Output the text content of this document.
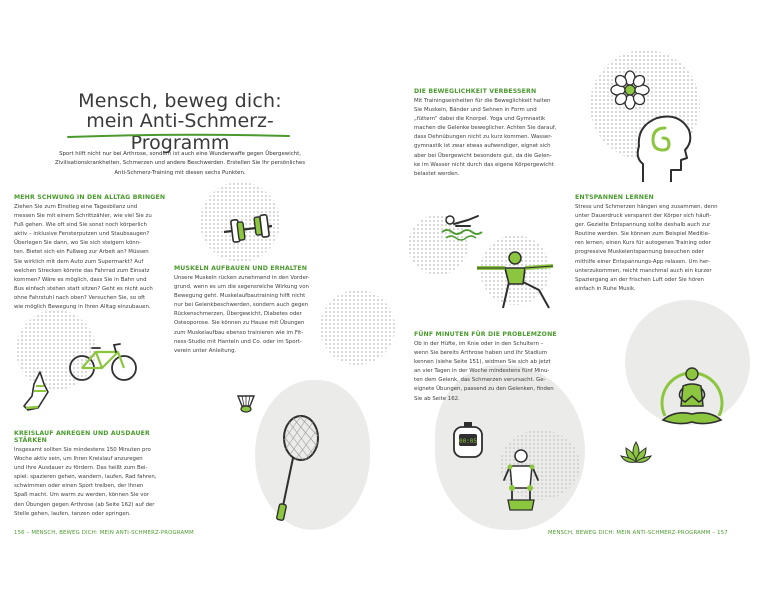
Mensch, beweg dich:
mein Anti-Schmerz-Programm
Sport hilft nicht nur bei Arthrose, sondern ist auch eine Wunderwaffe gegen Übergewicht,
Zivilisationskrankheiten, Schmerzen und andere Beschwerden. Erstellen Sie Ihr persönliches
Anti-Schmerz-Training mit diesen sechs Punkten.
MEHR SCHWUNG IN DEN ALLTAG BRINGEN
Ziehen Sie zum Einstieg eine Tagesbilanz und
messen Sie mit einem Schrittzähler, wie viel Sie zu
Fuß gehen. Wie oft sind Sie sonst noch körperlich
aktiv – inklusive Fensterputzen und Staubsaugen?
Überlegen Sie dann, wo Sie sich steigern könn-
ten. Bietet sich ein Fußweg zur Arbeit an? Müssen
Sie wirklich mit dem Auto zum Supermarkt? Auf
welchen Strecken könnte das Fahrrad zum Einsatz
kommen? Wäre es möglich, dass Sie in Bahn und
Bus einfach stehen statt sitzen? Geht es nicht auch
ohne Fahrstuhl nach oben? Versuchen Sie, so oft
wie möglich Bewegung in Ihren Alltag einzubauen.
MUSKELN AUFBAUEN UND ERHALTEN
Unsere Muskeln rücken zunehmend in den Vorder-
grund, wenn es um die segensreiche Wirkung von
Bewegung geht. Muskelaufbautraining hilft nicht
nur bei Gelenkbeschwerden, sondern auch gegen
Rückenschmerzen, Übergewicht, Diabetes oder
Osteoporose. Sie können zu Hause mit Übungen
zum Muskelaufbau ebenso trainieren wie im Fit-
ness-Studio mit Hanteln und Co. oder im Sport-
verein unter Anleitung.
KREISLAUF ANREGEN UND AUSDAUER STÄRKEN
Insgesamt sollten Sie mindestens 150 Minuten pro
Woche aktiv sein, um Ihren Kreislauf anzuregen
und Ihre Ausdauer zu fördern. Das heißt zum Bei-
spiel: spazieren gehen, wandern, laufen, Rad fahren,
schwimmen oder einen Sport treiben, der Ihnen
Spaß macht. Um warm zu werden, können Sie vor
den Übungen gegen Arthrose (ab Seite 162) auf der
Stelle gehen, laufen, tanzen oder springen.
156 – MENSCH, BEWEG DICH: MEIN ANTI-SCHMERZ-PROGRAMM
DIE BEWEGLICHKEIT VERBESSERN
Mit Trainingseinheiten für die Beweglichkeit halten
Sie Muskeln, Bänder und Sehnen in Form und
„füttern“ dabei die Knorpel. Yoga und Gymnastik
machen die Gelenke beweglicher. Achten Sie darauf,
dass Dehnübungen nicht zu kurz kommen. Wasser-
gymnastik ist zwar etwas aufwendiger, eignet sich
aber bei Übergewicht besonders gut, da die Gelen-
ke im Wasser nicht durch das eigene Körpergewicht
belastet werden.
ENTSPANNEN LERNEN
Stress und Schmerzen hängen eng zusammen, denn
unter Dauerdruck verspannt der Körper sich häufi-
ger. Gezielte Entspannung sollte deshalb auch zur
Routine werden. Sie können zum Beispiel Meditie-
ren lernen, einen Kurs für autogenes Training oder
progressive Muskelentspannung besuchen oder
mithilfe einer Entspannungs-App relaxen. Um her-
unterzukommen, reicht manchmal auch ein kurzer
Spaziergang an der frischen Luft oder Sie hören
einfach in Ruhe Musik.
FÜNF MINUTEN FÜR DIE PROBLEMZONE
Ob in der Hüfte, im Knie oder in den Schultern –
wenn Sie bereits Arthrose haben und Ihr Stadium
kennen (siehe Seite 151), widmen Sie sich ab jetzt
an vier Tagen in der Woche mindestens fünf Minu-
ten dem Gelenk, das Schmerzen verursacht. Ge-
eignete Übungen, passend zu den Gelenken, finden
Sie ab Seite 162.
MENSCH, BEWEG DICH: MEIN ANTI-SCHMERZ-PROGRAMM – 157
00:05
